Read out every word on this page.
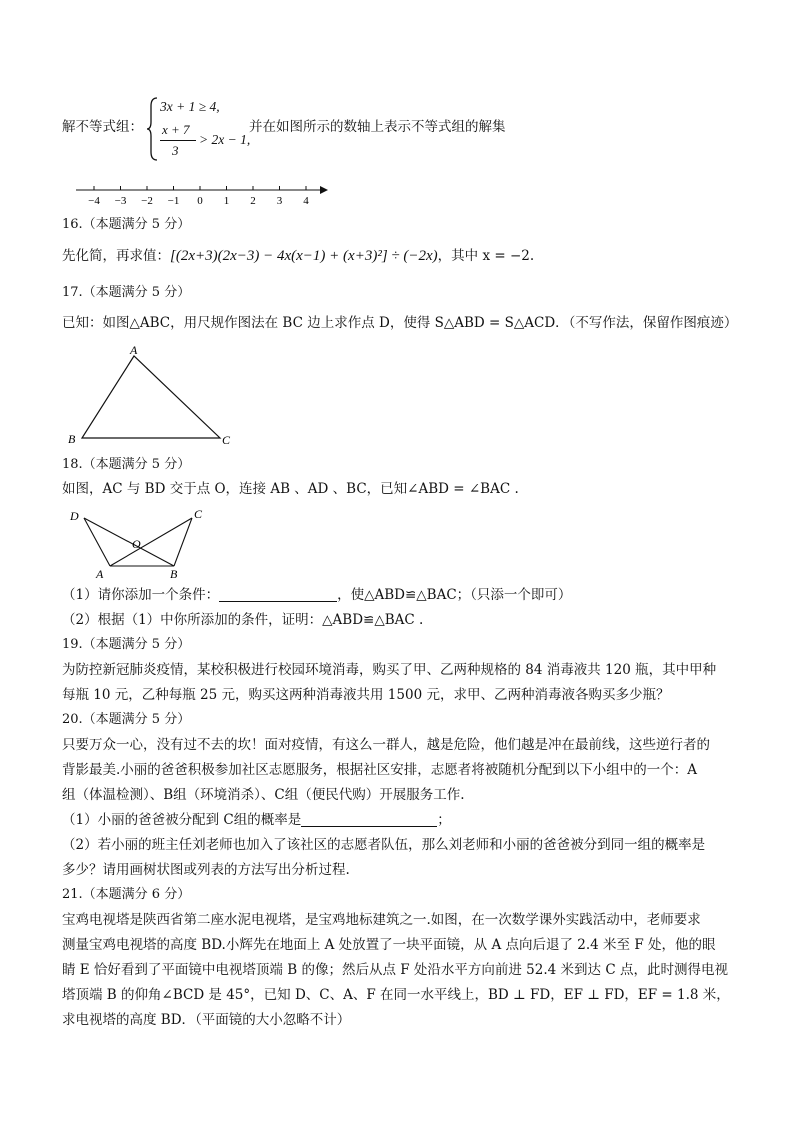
解不等式组：
3x + 1 ≥ 4,
x + 7
3
> 2x − 1,
并在如图所示的数轴上表示不等式组的解集
−4 −3 −2 −1 0 1 2 3 4
16.（本题满分 5 分）
先化简，再求值：[(2x+3)(2x−3) − 4x(x−1) + (x+3)²] ÷ (−2x)，其中 x = −2.
17.（本题满分 5 分）
已知：如图△ABC，用尺规作图法在 BC 边上求作点 D，使得 S△ABD = S△ACD．（不写作法，保留作图痕迹）
A
B	C
18.（本题满分 5 分）
如图，AC 与 BD 交于点 O，连接 AB 、AD 、BC，已知∠ABD = ∠BAC .
D	C
O
A	B
（1）请你添加一个条件：	，使△ABD≌△BAC；（只添一个即可）
（2）根据（1）中你所添加的条件，证明：△ABD≌△BAC .
19.（本题满分 5 分）
为防控新冠肺炎疫情，某校积极进行校园环境消毒，购买了甲、乙两种规格的 84 消毒液共 120 瓶，其中甲种
每瓶 10 元，乙种每瓶 25 元，购买这两种消毒液共用 1500 元，求甲、乙两种消毒液各购买多少瓶？
20.（本题满分 5 分）
只要万众一心，没有过不去的坎！面对疫情，有这么一群人，越是危险，他们越是冲在最前线，这些逆行者的
背影最美.小丽的爸爸积极参加社区志愿服务，根据社区安排，志愿者将被随机分配到以下小组中的一个：A
组（体温检测）、B组（环境消杀）、C组（便民代购）开展服务工作.
（1）小丽的爸爸被分配到 C组的概率是	；
（2）若小丽的班主任刘老师也加入了该社区的志愿者队伍，那么刘老师和小丽的爸爸被分到同一组的概率是
多少？请用画树状图或列表的方法写出分析过程.
21.（本题满分 6 分）
宝鸡电视塔是陕西省第二座水泥电视塔，是宝鸡地标建筑之一.如图，在一次数学课外实践活动中，老师要求
测量宝鸡电视塔的高度 BD.小辉先在地面上 A 处放置了一块平面镜，从 A 点向后退了 2.4 米至 F 处，他的眼
睛 E 恰好看到了平面镜中电视塔顶端 B 的像；然后从点 F 处沿水平方向前进 52.4 米到达 C 点，此时测得电视
塔顶端 B 的仰角∠BCD 是 45°，已知 D、C、A、F 在同一水平线上，BD ⊥ FD，EF ⊥ FD，EF = 1.8 米，
求电视塔的高度 BD．（平面镜的大小忽略不计）
